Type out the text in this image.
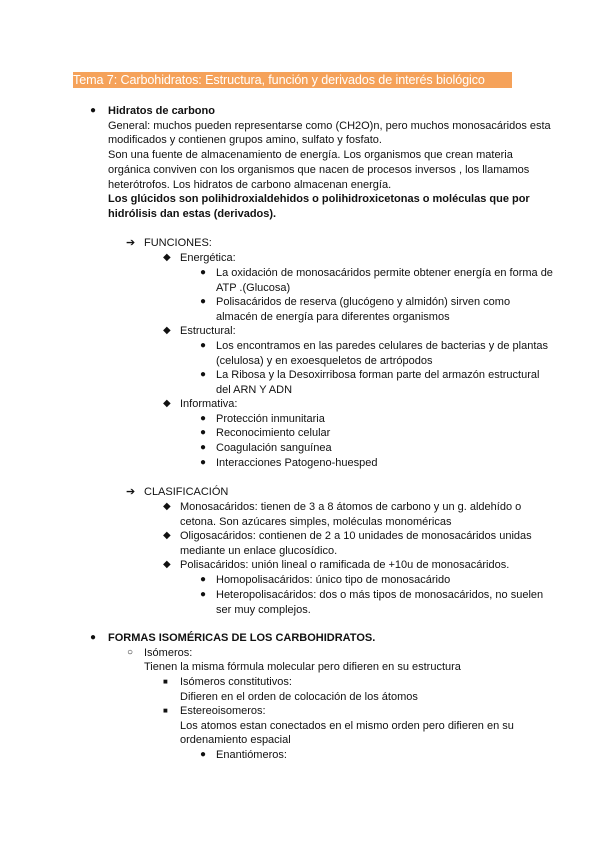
Tema 7: Carbohidratos: Estructura, función y derivados de interés biológico
● Hidratos de carbono

General: muchos pueden representarse como (CH2O)n, pero muchos monosacáridos esta

modificados y contienen grupos amino, sulfato y fosfato.

Son una fuente de almacenamiento de energía. Los organismos que crean materia

orgánica conviven con los organismos que nacen de procesos inversos , los llamamos

heterótrofos. Los hidratos de carbono almacenan energía.

Los glúcidos son polihidroxialdehidos o polihidroxicetonas o moléculas que por

hidrólisis dan estas (derivados).

➔ FUNCIONES:
◆ Energética:
● La oxidación de monosacáridos permite obtener energía en forma de

ATP .(Glucosa)

● Polisacáridos de reserva (glucógeno y almidón) sirven como

almacén de energía para diferentes organismos

◆ Estructural:
● Los encontramos en las paredes celulares de bacterias y de plantas

(celulosa) y en exoesqueletos de artrópodos

● La Ribosa y la Desoxirribosa forman parte del armazón estructural

del ARN Y ADN

◆ Informativa:
● Protección inmunitaria
● Reconocimiento celular
● Coagulación sanguínea
● Interacciones Patogeno-huesped
➔ CLASIFICACIÓN
◆ Monosacáridos: tienen de 3 a 8 átomos de carbono y un g. aldehído o

cetona. Son azúcares simples, moléculas monoméricas

◆ Oligosacáridos: contienen de 2 a 10 unidades de monosacáridos unidas

mediante un enlace glucosídico.

◆ Polisacáridos: unión lineal o ramificada de +10u de monosacáridos.
● Homopolisacáridos: único tipo de monosacárido
● Heteropolisacáridos: dos o más tipos de monosacáridos, no suelen

ser muy complejos.

● FORMAS ISOMÉRICAS DE LOS CARBOHIDRATOS.
○ Isómeros:
Tienen la misma fórmula molecular pero difieren en su estructura
■ Isómeros constitutivos:

Difieren en el orden de colocación de los átomos

■ Estereoisomeros:

Los atomos estan conectados en el mismo orden pero difieren en su

ordenamiento espacial

● Enantiómeros:
